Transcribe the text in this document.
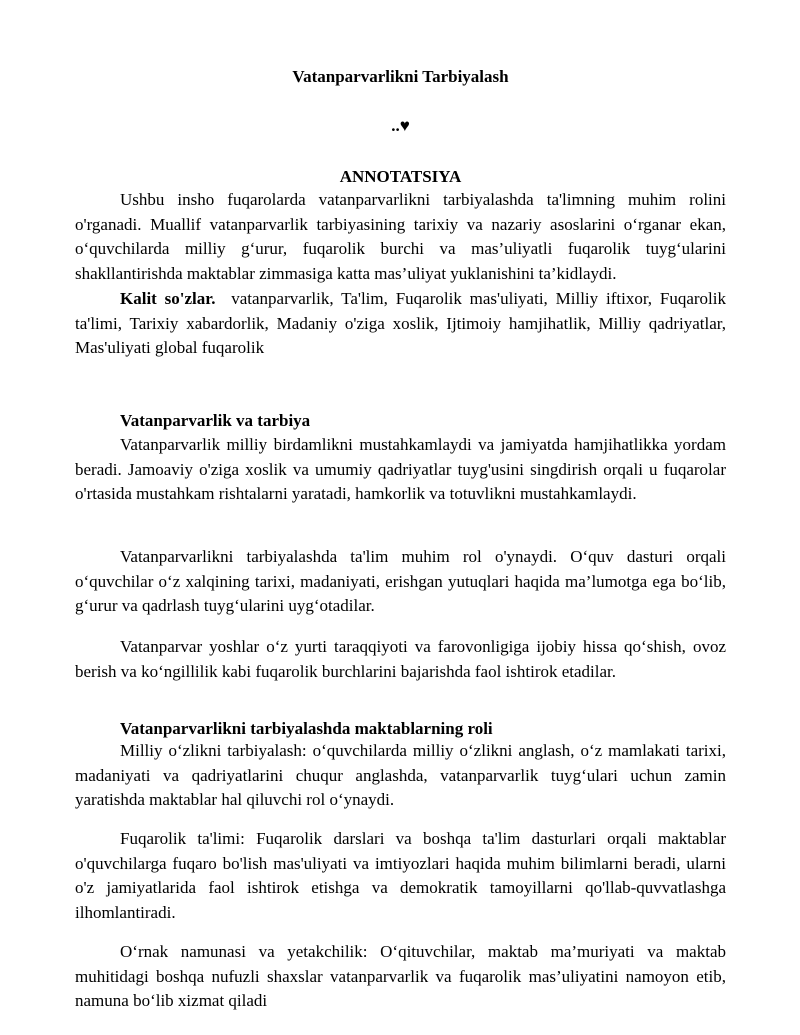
Vatanparvarlikni Tarbiyalash
..♥
ANNOTATSIYA

Ushbu insho fuqarolarda vatanparvarlikni tarbiyalashda ta'limning muhim rolini o'rganadi. Muallif vatanparvarlik tarbiyasining tarixiy va nazariy asoslarini o‘rganar ekan, o‘quvchilarda milliy g‘urur, fuqarolik burchi va mas’uliyatli fuqarolik tuyg‘ularini shakllantirishda maktablar zimmasiga katta mas’uliyat yuklanishini ta’kidlaydi.

Kalit so'zlar. vatanparvarlik, Ta'lim, Fuqarolik mas'uliyati, Milliy iftixor, Fuqarolik ta'limi, Tarixiy xabardorlik, Madaniy o'ziga xoslik, Ijtimoiy hamjihatlik, Milliy qadriyatlar, Mas'uliyati global fuqarolik

Vatanparvarlik va tarbiya

Vatanparvarlik milliy birdamlikni mustahkamlaydi va jamiyatda hamjihatlikka yordam beradi. Jamoaviy o'ziga xoslik va umumiy qadriyatlar tuyg'usini singdirish orqali u fuqarolar o'rtasida mustahkam rishtalarni yaratadi, hamkorlik va totuvlikni mustahkamlaydi.

Vatanparvarlikni tarbiyalashda ta'lim muhim rol o'ynaydi. O‘quv dasturi orqali o‘quvchilar o‘z xalqining tarixi, madaniyati, erishgan yutuqlari haqida ma’lumotga ega bo‘lib, g‘urur va qadrlash tuyg‘ularini uyg‘otadilar.

Vatanparvar yoshlar o‘z yurti taraqqiyoti va farovonligiga ijobiy hissa qo‘shish, ovoz berish va ko‘ngillilik kabi fuqarolik burchlarini bajarishda faol ishtirok etadilar.

Vatanparvarlikni tarbiyalashda maktablarning roli

Milliy o‘zlikni tarbiyalash: o‘quvchilarda milliy o‘zlikni anglash, o‘z mamlakati tarixi, madaniyati va qadriyatlarini chuqur anglashda, vatanparvarlik tuyg‘ulari uchun zamin yaratishda maktablar hal qiluvchi rol o‘ynaydi.

Fuqarolik ta'limi: Fuqarolik darslari va boshqa ta'lim dasturlari orqali maktablar o'quvchilarga fuqaro bo'lish mas'uliyati va imtiyozlari haqida muhim bilimlarni beradi, ularni o'z jamiyatlarida faol ishtirok etishga va demokratik tamoyillarni qo'llab-quvvatlashga ilhomlantiradi.

O‘rnak namunasi va yetakchilik: O‘qituvchilar, maktab ma’muriyati va maktab muhitidagi boshqa nufuzli shaxslar vatanparvarlik va fuqarolik mas’uliyatini namoyon etib, namuna bo‘lib xizmat qiladi
